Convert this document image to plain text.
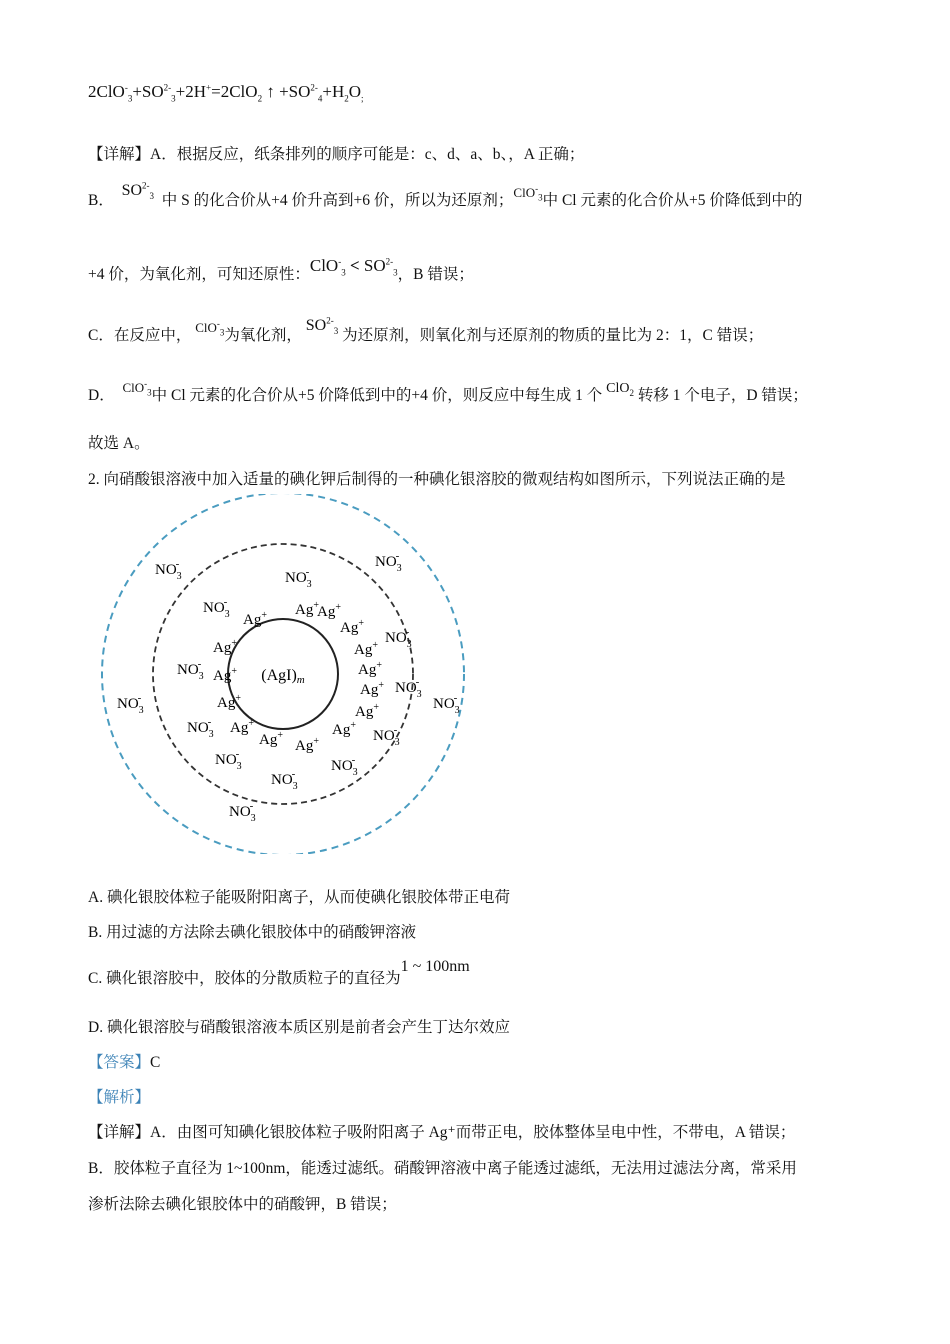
$2ClO^-_3+SO^{2-}_3+2H^+=2ClO_2$ ↑ $+SO^{2-}_4+H_2O_;$
【详解】A．根据反应，纸条排列的顺序可能是：c、d、a、b、，A 正确；
B．  $SO^{2-}_3$ 中 S 的化合价从+4 价升高到+6 价，所以为还原剂；$^{ClO^-_3}$中 Cl 元素的化合价从+5 价降低到中的
+4 价，为氧化剂，可知还原性：$ClO^-_3 < SO^{2-}_3$，B 错误；
C．在反应中， $^{ClO^-_3}$为氧化剂， $SO^{2-}_3$ 为还原剂，则氧化剂与还原剂的物质的量比为 2：1，C 错误；
D． $^{ClO^-_3}$中 Cl 元素的化合价从+5 价降低到中的+4 价，则反应中每生成 1 个 ClO$_2$ 转移 1 个电子，D 错误；
故选 A。
2. 向硝酸银溶液中加入适量的碘化钾后制得的一种碘化银溶胶的微观结构如图所示，下列说法正确的是
(AgI)m
Ag+ Ag+
Ag+
Ag+
Ag+
Ag+
Ag+
Ag+
Ag+
Ag+
Ag+
Ag+
Ag+
Ag+
Ag+
$NO_3-$
$NO_3-$
$NO_3-$
$NO_3-$
$NO_3-$
$NO_3-$
$NO_3-$
$NO_3-$	$NO_3-$
$NO_3-$
$NO_3-$
$NO_3-$
$NO_3-$
$NO_3-$
$NO_3-$
A. 碘化银胶体粒子能吸附阳离子，从而使碘化银胶体带正电荷
B. 用过滤的方法除去碘化银胶体中的硝酸钾溶液
C. 碘化银溶胶中，胶体的分散质粒子的直径为1 ~ 100nm
D. 碘化银溶胶与硝酸银溶液本质区别是前者会产生丁达尔效应
【答案】C
【解析】
【详解】A．由图可知碘化银胶体粒子吸附阳离子 Ag⁺而带正电，胶体整体呈电中性，不带电，A 错误；
B．胶体粒子直径为 1~100nm，能透过滤纸。硝酸钾溶液中离子能透过滤纸，无法用过滤法分离，常采用
渗析法除去碘化银胶体中的硝酸钾，B 错误；
